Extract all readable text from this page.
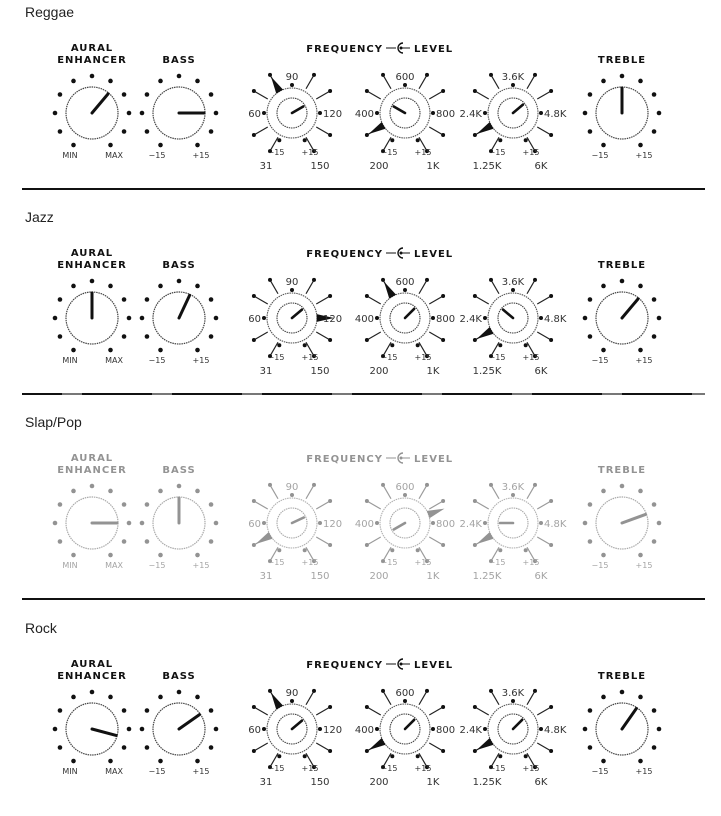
Reggae
AURAL
ENHANCER
MIN	MAX
BASS
−15	+15
FREQUENCY	LEVEL
90
60	120
−15 +15
31	150
600
400	800
−15 +15
200	1K
3.6K
2.4K	4.8K
−15 +15
1.25K	6K
TREBLE
−15	+15
Jazz
AURAL
ENHANCER
MIN	MAX
BASS
−15	+15
FREQUENCY	LEVEL
90
60	120
−15 +15
31	150
600
400	800
−15 +15
200	1K
3.6K
2.4K	4.8K
−15 +15
1.25K	6K
TREBLE
−15	+15
Slap/Pop
AURAL
ENHANCER
MIN	MAX
BASS
−15	+15
FREQUENCY	LEVEL
90
60	120
−15 +15
31	150
600
400	800
−15 +15
200	1K
3.6K
2.4K	4.8K
−15 +15
1.25K	6K
TREBLE
−15	+15
Rock
AURAL
ENHANCER
MIN	MAX
BASS
−15	+15
FREQUENCY	LEVEL
90
60	120
−15 +15
31	150
600
400	800
−15 +15
200	1K
3.6K
2.4K	4.8K
−15 +15
1.25K	6K
TREBLE
−15	+15
